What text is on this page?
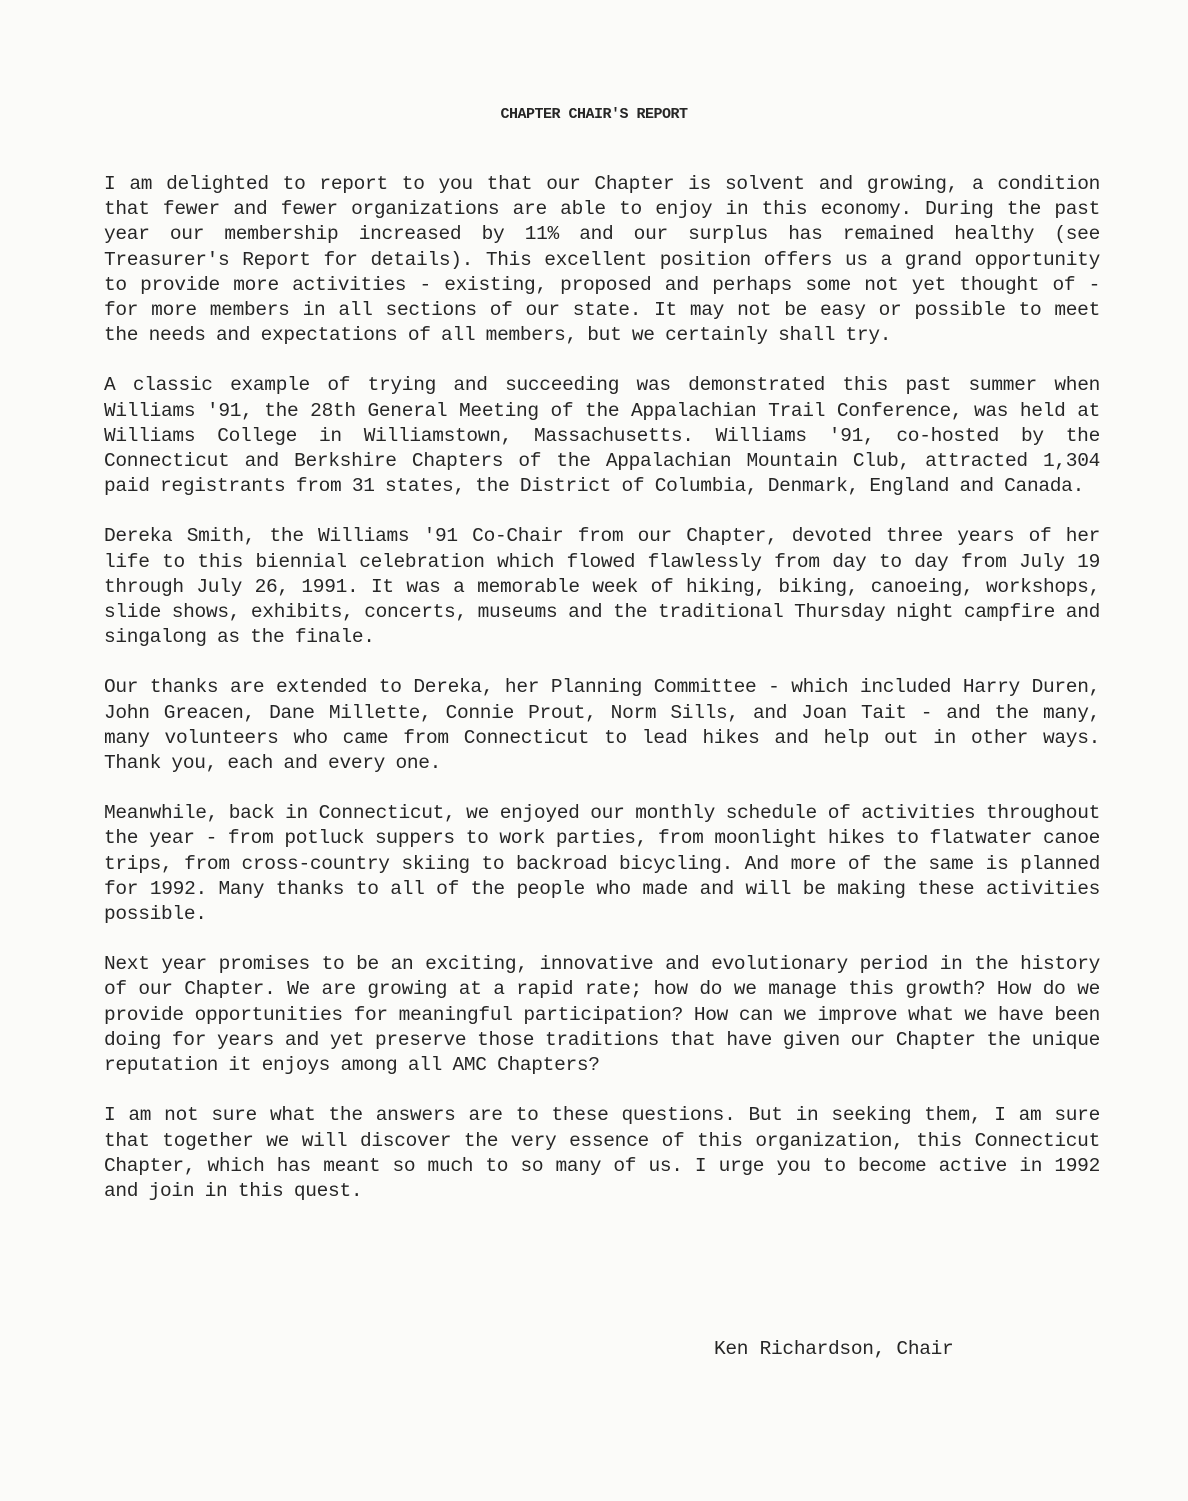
CHAPTER CHAIR'S REPORT

I am delighted to report to you that our Chapter is solvent and growing, a condition that fewer and fewer organizations are able to enjoy in this economy. During the past year our membership increased by 11% and our surplus has remained healthy (see Treasurer's Report for details). This excellent position offers us a grand opportunity to provide more activities - existing, proposed and perhaps some not yet thought of - for more members in all sections of our state. It may not be easy or possible to meet the needs and expectations of all members, but we certainly shall try.

A classic example of trying and succeeding was demonstrated this past summer when Williams '91, the 28th General Meeting of the Appalachian Trail Conference, was held at Williams College in Williamstown, Massachusetts. Williams '91, co-hosted by the Connecticut and Berkshire Chapters of the Appalachian Mountain Club, attracted 1,304 paid registrants from 31 states, the District of Columbia, Denmark, England and Canada.

Dereka Smith, the Williams '91 Co-Chair from our Chapter, devoted three years of her life to this biennial celebration which flowed flawlessly from day to day from July 19 through July 26, 1991. It was a memorable week of hiking, biking, canoeing, workshops, slide shows, exhibits, concerts, museums and the traditional Thursday night campfire and singalong as the finale.

Our thanks are extended to Dereka, her Planning Committee - which included Harry Duren, John Greacen, Dane Millette, Connie Prout, Norm Sills, and Joan Tait - and the many, many volunteers who came from Connecticut to lead hikes and help out in other ways. Thank you, each and every one.

Meanwhile, back in Connecticut, we enjoyed our monthly schedule of activities throughout the year - from potluck suppers to work parties, from moonlight hikes to flatwater canoe trips, from cross-country skiing to backroad bicycling. And more of the same is planned for 1992. Many thanks to all of the people who made and will be making these activities possible.

Next year promises to be an exciting, innovative and evolutionary period in the history of our Chapter. We are growing at a rapid rate; how do we manage this growth? How do we provide opportunities for meaningful participation? How can we improve what we have been doing for years and yet preserve those traditions that have given our Chapter the unique reputation it enjoys among all AMC Chapters?

I am not sure what the answers are to these questions. But in seeking them, I am sure that together we will discover the very essence of this organization, this Connecticut Chapter, which has meant so much to so many of us. I urge you to become active in 1992 and join in this quest.

Ken Richardson, Chair
